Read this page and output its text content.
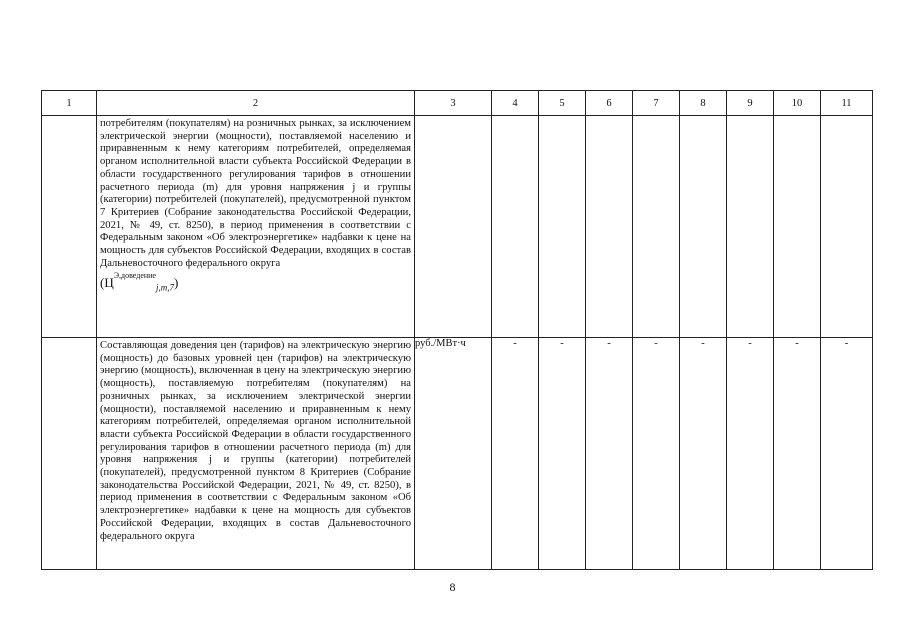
1	2	3	4	5	6	7	8	9	10	11

	потребителям (покупателям) на розничных рынках, за исключением электрической энергии (мощности), поставляемой населению и приравненным к нему категориям потребителей, определяемая органом исполнительной власти субъекта Российской Федерации в области государственного регулирования тарифов в отношении расчетного периода (m) для уровня напряжения j и группы (категории) потребителей (покупателей), предусмотренной пунктом 7 Критериев (Собрание законодательства Российской Федерации, 2021, № 49, ст. 8250), в период применения в соответствии с Федеральным законом «Об электроэнергетике» надбавки к цене на мощность для субъектов Российской Федерации, входящих в состав Дальневосточного федерального округа
$(Ц^{Э,доведение}_{j,m,7})$									

	Составляющая доведения цен (тарифов) на электрическую энергию (мощность) до базовых уровней цен (тарифов) на электрическую энергию (мощность), включенная в цену на электрическую энергию (мощность), поставляемую потребителям (покупателям) на розничных рынках, за исключением электрической энергии (мощности), поставляемой населению и приравненным к нему категориям потребителей, определяемая органом исполнительной власти субъекта Российской Федерации в области государственного регулирования тарифов в отношении расчетного периода (m) для уровня напряжения j и группы (категории) потребителей (покупателей), предусмотренной пунктом 8 Критериев (Собрание законодательства Российской Федерации, 2021, № 49, ст. 8250), в период применения в соответствии с Федеральным законом «Об электроэнергетике» надбавки к цене на мощность для субъектов Российской Федерации, входящих в состав Дальневосточного федерального округа	руб./МВт·ч	-	-	-	-	-	-	-	-
8
